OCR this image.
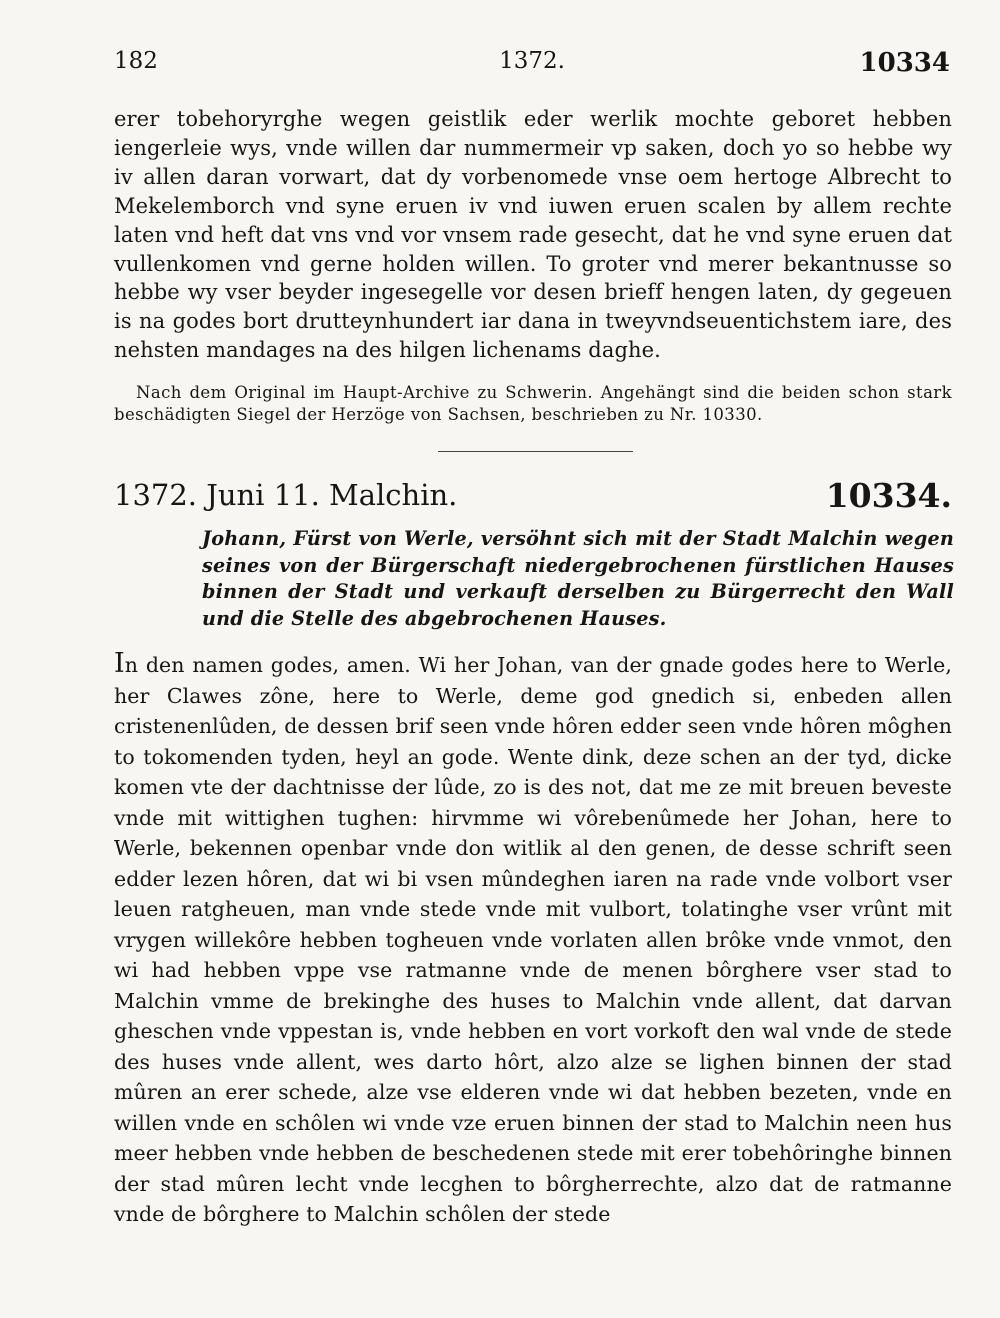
182	1372.	10334
erer tobehoryrghe wegen geistlik eder werlik mochte geboret hebben iengerleie wys, vnde willen dar nummermeir vp saken, doch yo so hebbe wy iv allen daran vorwart, dat dy vorbenomede vnse oem hertoge Albrecht to Mekelemborch vnd syne eruen iv vnd iuwen eruen scalen by allem rechte laten vnd heft dat vns vnd vor vnsem rade gesecht, dat he vnd syne eruen dat vullenkomen vnd gerne holden willen. To groter vnd merer bekantnusse so hebbe wy vser beyder ingesegelle vor desen brieff hengen laten, dy gegeuen is na godes bort drutteynhundert iar dana in tweyvndseuentichstem iare, des nehsten mandages na des hilgen lichenams daghe.
Nach dem Original im Haupt-Archive zu Schwerin. Angehängt sind die beiden schon stark beschädigten Siegel der Herzöge von Sachsen, beschrieben zu Nr. 10330.
1372. Juni 11. Malchin.	10334.
Johann, Fürst von Werle, versöhnt sich mit der Stadt Malchin wegen seines von der Bürgerschaft niedergebrochenen fürstlichen Hauses binnen der Stadt und verkauft derselben zu Bürgerrecht den Wall und die Stelle des abgebrochenen Hauses.
In den namen godes, amen. Wi her Johan, van der gnade godes here to Werle, her Clawes zône, here to Werle, deme god gnedich si, enbeden allen cristenenlûden, de dessen brif seen vnde hôren edder seen vnde hôren môghen to tokomenden tyden, heyl an gode. Wente dink, deze schen an der tyd, dicke komen vte der dachtnisse der lûde, zo is des not, dat me ze mit breuen beveste vnde mit wittighen tughen: hirvmme wi vôrebenûmede her Johan, here to Werle, bekennen openbar vnde don witlik al den genen, de desse schrift seen edder lezen hôren, dat wi bi vsen mûndeghen iaren na rade vnde volbort vser leuen ratgheuen, man vnde stede vnde mit vulbort, tolatinghe vser vrûnt mit vrygen willekôre hebben togheuen vnde vorlaten allen brôke vnde vnmot, den wi had hebben vppe vse ratmanne vnde de menen bôrghere vser stad to Malchin vmme de brekinghe des huses to Malchin vnde allent, dat darvan gheschen vnde vppestan is, vnde hebben en vort vorkoft den wal vnde de stede des huses vnde allent, wes darto hôrt, alzo alze se lighen binnen der stad mûren an erer schede, alze vse elderen vnde wi dat hebben bezeten, vnde en willen vnde en schôlen wi vnde vze eruen binnen der stad to Malchin neen hus meer hebben vnde hebben de beschedenen stede mit erer tobehôringhe binnen der stad mûren lecht vnde lecghen to bôrgherrechte, alzo dat de ratmanne vnde de bôrghere to Malchin schôlen der stede
